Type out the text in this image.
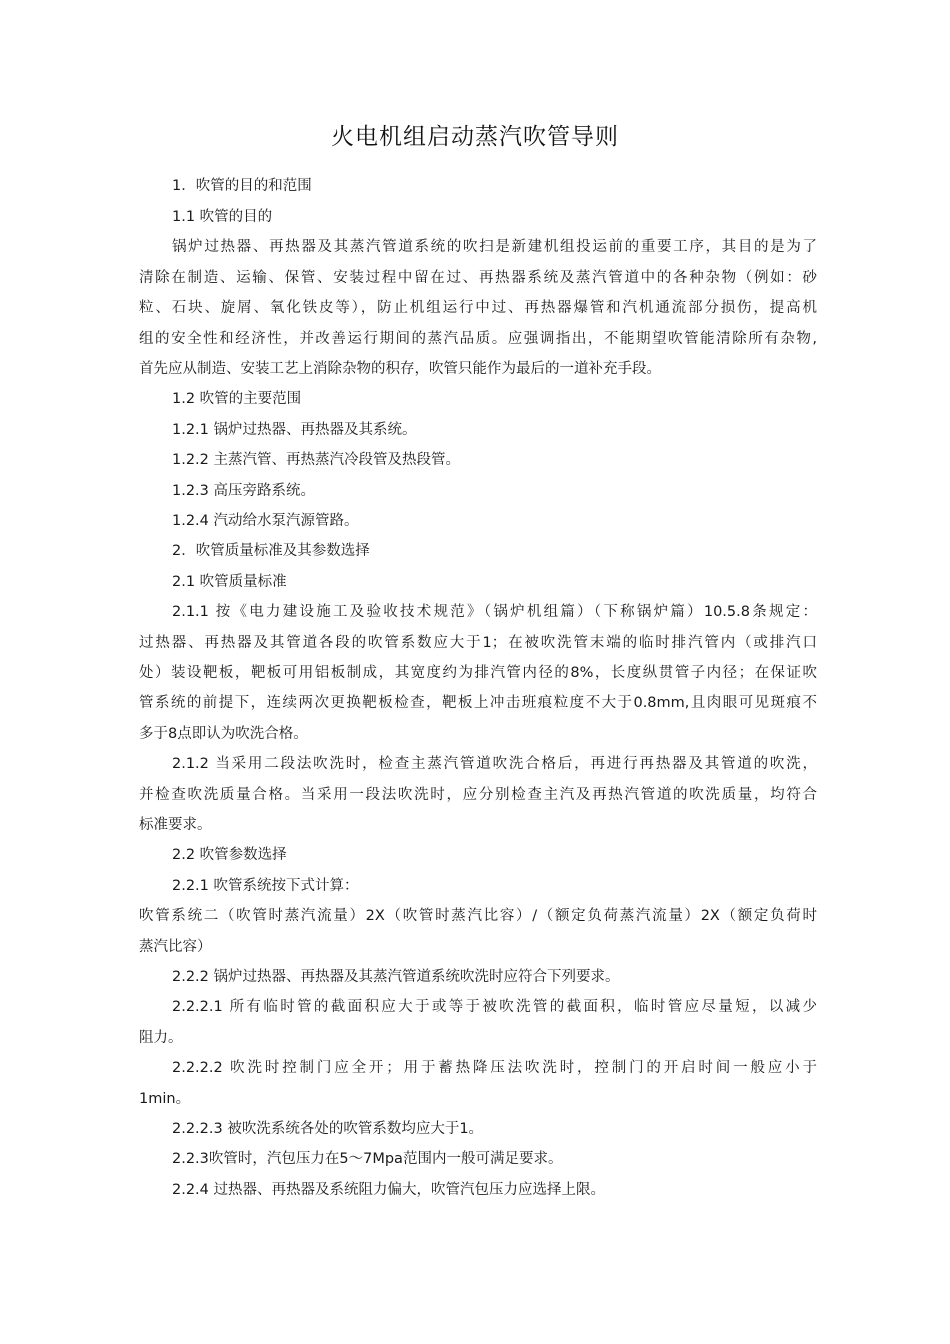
火电机组启动蒸汽吹管导则
1．吹管的目的和范围
1.1 吹管的目的
锅炉过热器、再热器及其蒸汽管道系统的吹扫是新建机组投运前的重要工序，其目的是为了
清除在制造、运输、保管、安装过程中留在过、再热器系统及蒸汽管道中的各种杂物（例如：砂
粒、石块、旋屑、氧化铁皮等），防止机组运行中过、再热器爆管和汽机通流部分损伤，提高机
组的安全性和经济性，并改善运行期间的蒸汽品质。应强调指出，不能期望吹管能清除所有杂物,
首先应从制造、安装工艺上消除杂物的积存，吹管只能作为最后的一道补充手段。
1.2 吹管的主要范围
1.2.1 锅炉过热器、再热器及其系统。
1.2.2 主蒸汽管、再热蒸汽冷段管及热段管。
1.2.3 高压旁路系统。
1.2.4 汽动给水泵汽源管路。
2．吹管质量标准及其参数选择
2.1 吹管质量标准
2.1.1 按《电力建设施工及验收技术规范》（锅炉机组篇）（下称锅炉篇）10.5.8条规定：
过热器、再热器及其管道各段的吹管系数应大于1；在被吹洗管末端的临时排汽管内（或排汽口
处）装设靶板，靶板可用铝板制成，其宽度约为排汽管内径的8%，长度纵贯管子内径；在保证吹
管系统的前提下，连续两次更换靶板检查，靶板上冲击班痕粒度不大于0.8mm,且肉眼可见斑痕不
多于8点即认为吹洗合格。
2.1.2 当采用二段法吹洗时，检查主蒸汽管道吹洗合格后，再进行再热器及其管道的吹洗，
并检查吹洗质量合格。当采用一段法吹洗时，应分别检查主汽及再热汽管道的吹洗质量，均符合
标准要求。
2.2 吹管参数选择
2.2.1 吹管系统按下式计算：
吹管系统二（吹管时蒸汽流量）2X（吹管时蒸汽比容）/（额定负荷蒸汽流量）2X（额定负荷时
蒸汽比容）
2.2.2 锅炉过热器、再热器及其蒸汽管道系统吹洗时应符合下列要求。
2.2.2.1 所有临时管的截面积应大于或等于被吹洗管的截面积，临时管应尽量短，以减少
阻力。
2.2.2.2 吹洗时控制门应全开；用于蓄热降压法吹洗时，控制门的开启时间一般应小于
1min。
2.2.2.3 被吹洗系统各处的吹管系数均应大于1。
2.2.3吹管时，汽包压力在5～7Mpa范围内一般可满足要求。
2.2.4 过热器、再热器及系统阻力偏大，吹管汽包压力应选择上限。
